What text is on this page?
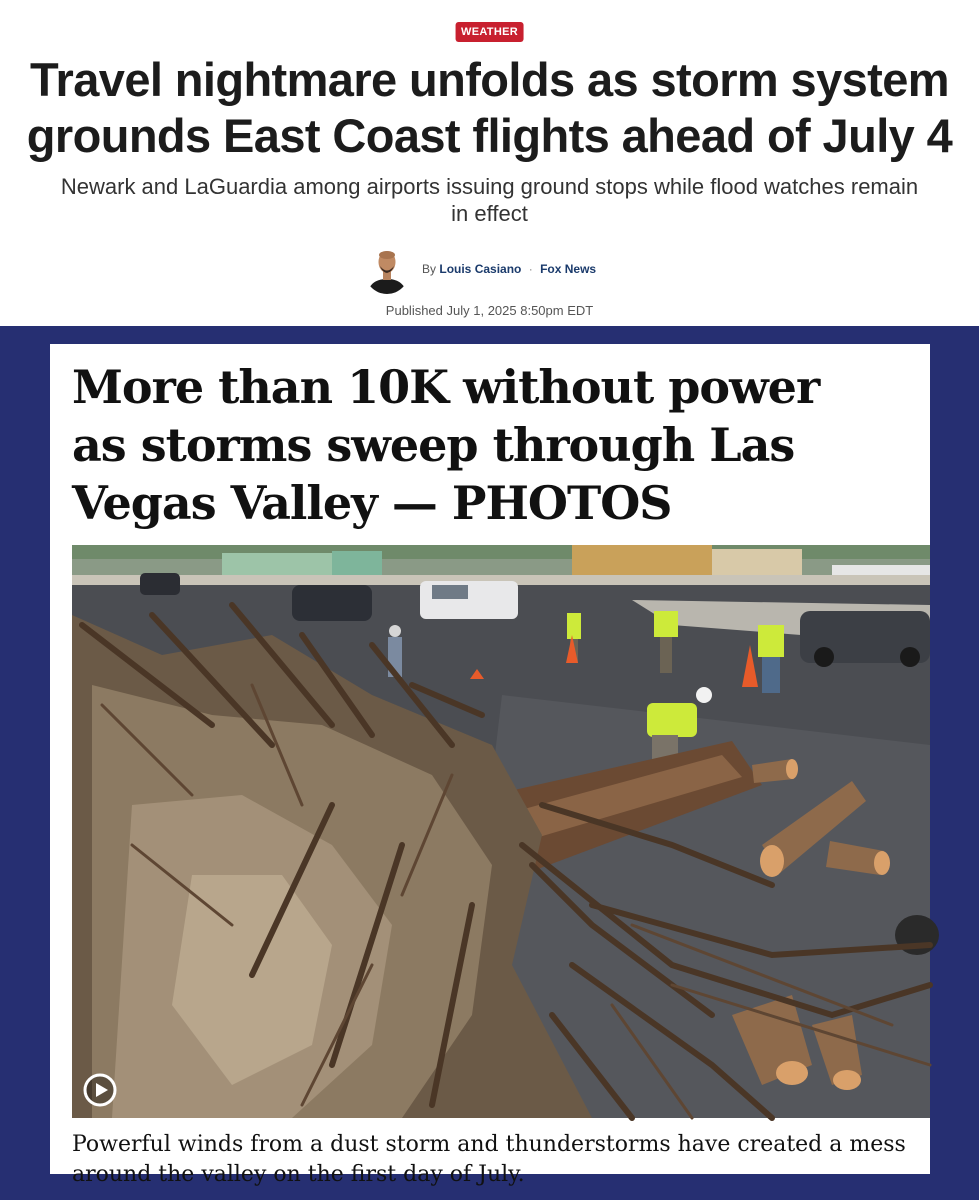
WEATHER
Travel nightmare unfolds as storm system grounds East Coast flights ahead of July 4

Newark and LaGuardia among airports issuing ground stops while flood watches remain in effect

By Louis Casiano · Fox News
Published July 1, 2025 8:50pm EDT
More than 10K without power as storms sweep through Las Vegas Valley — PHOTOS

Powerful winds from a dust storm and thunderstorms have created a mess around the valley on the first day of July.
